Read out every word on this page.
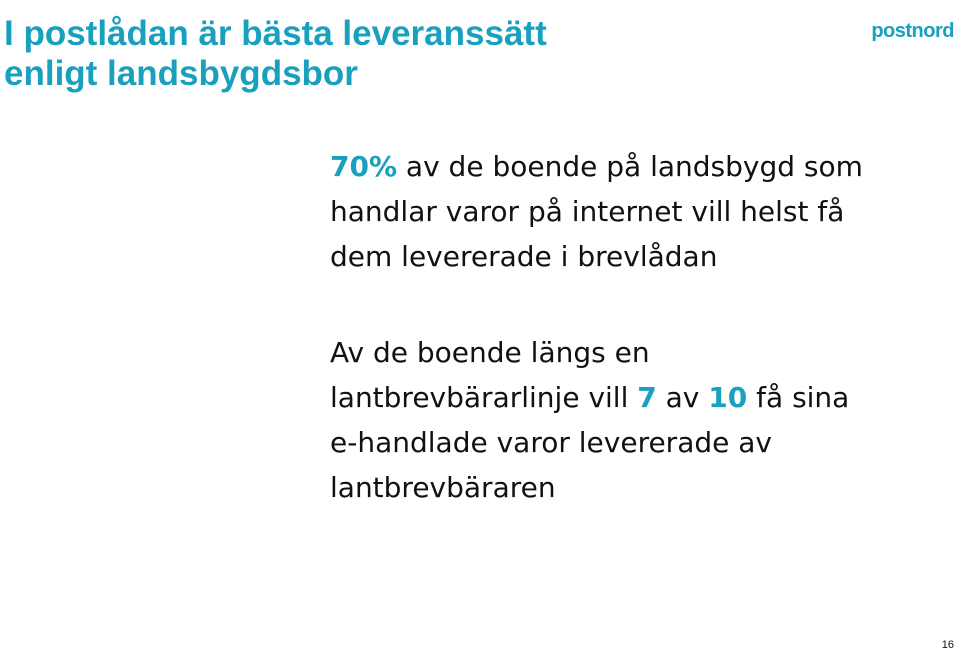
I postlådan är bästa leveranssätt
enligt landsbygdsbor
postnord

70% av de boende på landsbygd som
handlar varor på internet vill helst få
dem levererade i brevlådan

Av de boende längs en
lantbrevbärarlinje vill 7 av 10 få sina
e-handlade varor levererade av
lantbrevbäraren

16
